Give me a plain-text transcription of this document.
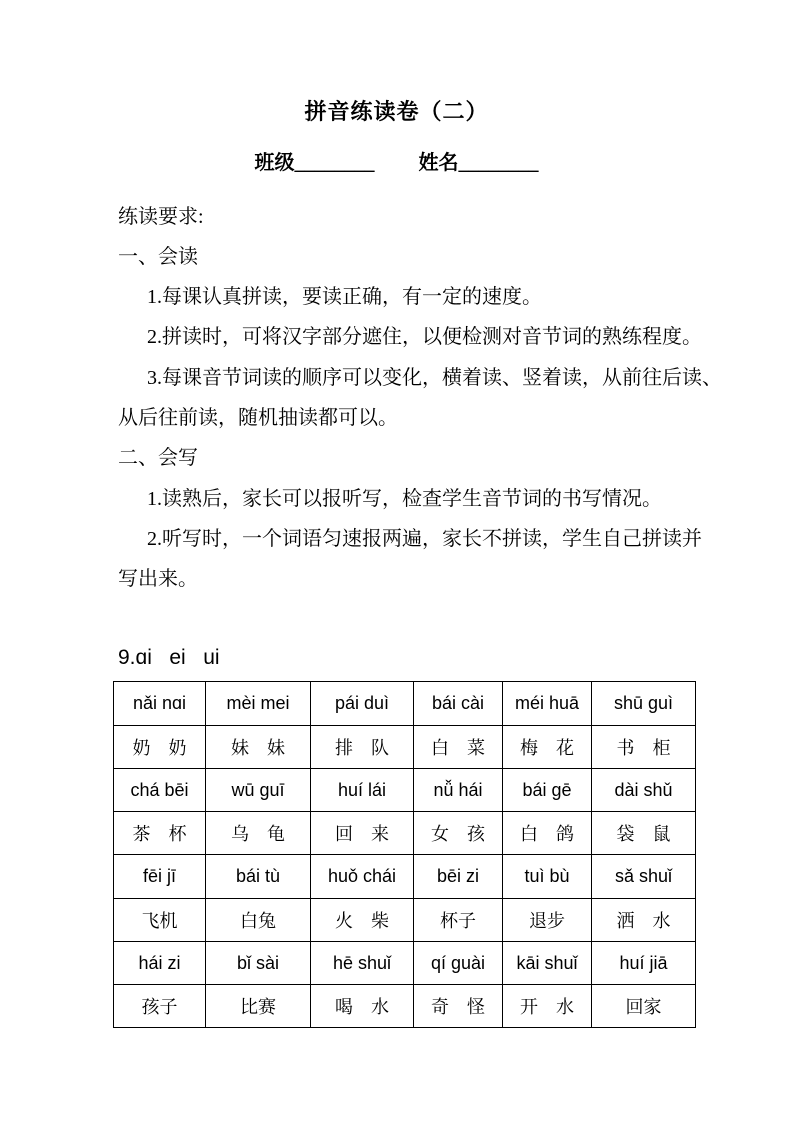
拼音练读卷（二）
班级________ 姓名________
练读要求:
一、会读
1.每课认真拼读，要读正确，有一定的速度。
2.拼读时，可将汉字部分遮住，以便检测对音节词的熟练程度。
3.每课音节词读的顺序可以变化，横着读、竖着读，从前往后读、
从后往前读，随机抽读都可以。
二、会写
1.读熟后，家长可以报听写，检查学生音节词的书写情况。
2.听写时，一个词语匀速报两遍，家长不拼读，学生自己拼读并
写出来。
9.ɑi   ei   ui
nǎi nɑi	mèi mei	pái duì	bái cài	méi huā	shū guì
奶　奶	妹　妹	排　队	白　菜	梅　花	书　柜
chá bēi	wū guī	huí lái	nǚ hái	bái gē	dài shǔ
茶　杯	乌　龟	回　来	女　孩	白　鸽	袋　鼠
fēi jī	bái tù	huǒ chái	bēi zi	tuì bù	sǎ shuǐ
飞机	白兔	火　柴	杯子	退步	洒　水
hái zi	bǐ sài	hē shuǐ	qí guài	kāi shuǐ	huí jiā
孩子	比赛	喝　水	奇　怪	开　水	回家
